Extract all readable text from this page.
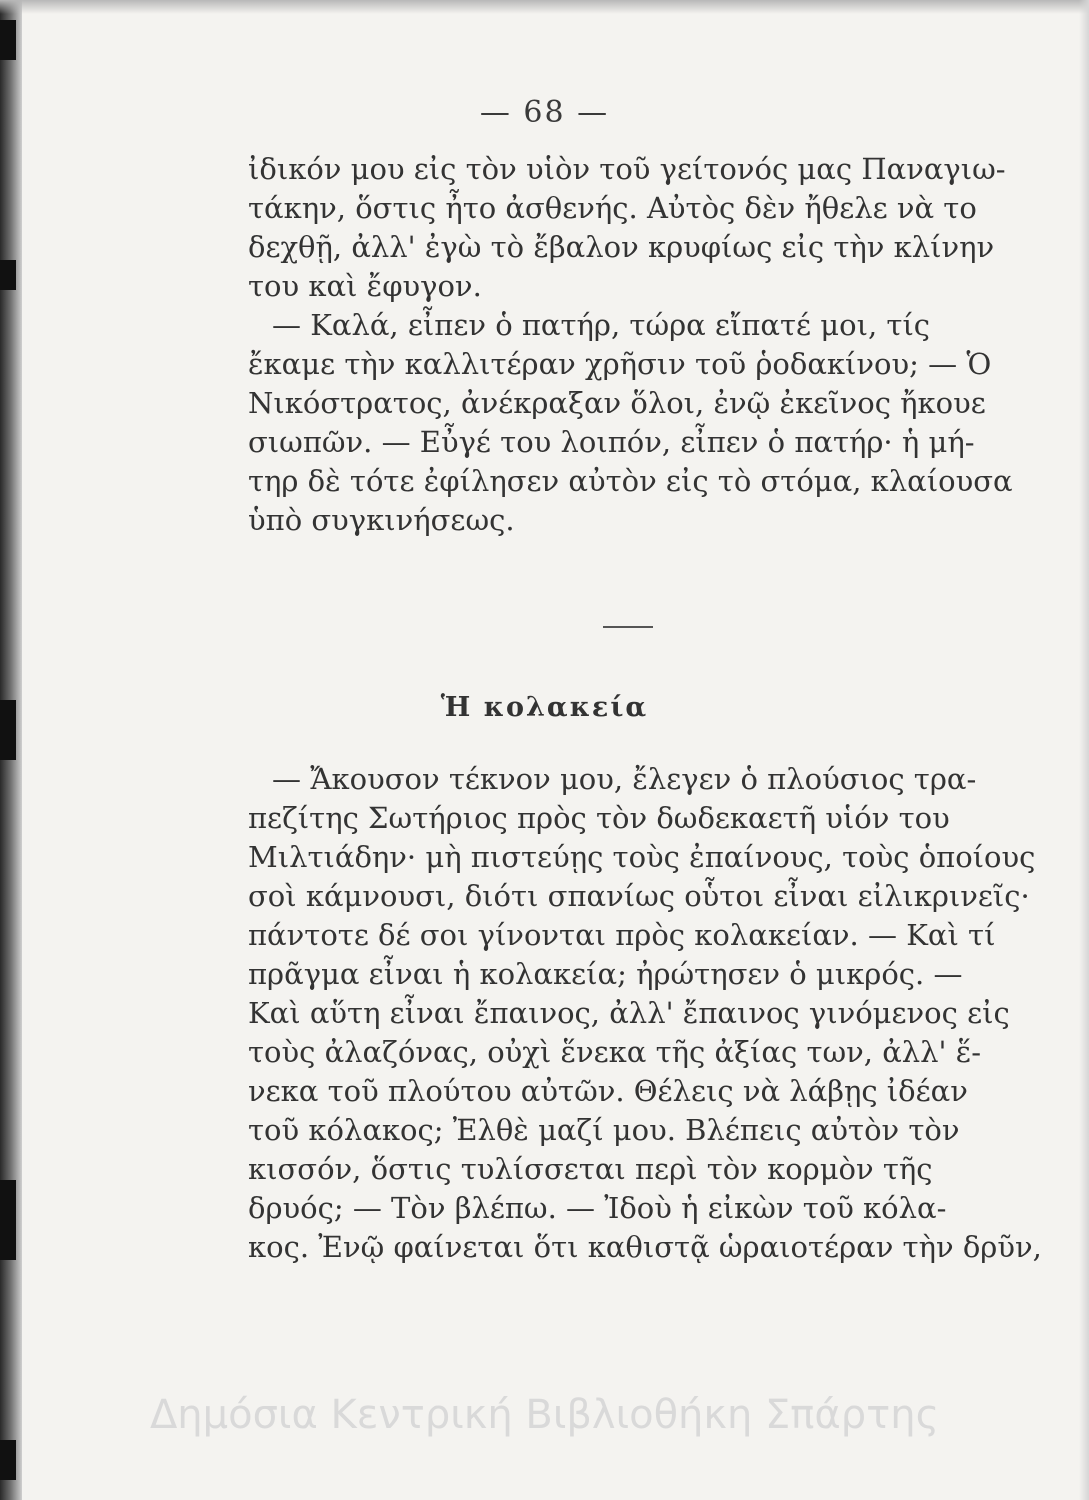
— 68 —
ἰδικόν μου εἰς τὸν υἱὸν τοῦ γείτονός μας Παναγιω-
τάκην, ὅστις ἦτο ἀσθενής. Αὐτὸς δὲν ἤθελε νὰ το
δεχθῇ, ἀλλ' ἐγὼ τὸ ἔβαλον κρυφίως εἰς τὴν κλίνην
του καὶ ἔφυγον.
— Καλά, εἶπεν ὁ πατήρ, τώρα εἴπατέ μοι, τίς
ἔκαμε τὴν καλλιτέραν χρῆσιν τοῦ ῥοδακίνου; — Ὁ
Νικόστρατος, ἀνέκραξαν ὅλοι, ἐνῷ ἐκεῖνος ἤκουε
σιωπῶν. — Εὖγέ του λοιπόν, εἶπεν ὁ πατήρ· ἡ μή-
τηρ δὲ τότε ἐφίλησεν αὐτὸν εἰς τὸ στόμα, κλαίουσα
ὑπὸ συγκινήσεως.
Ἡ κολακεία
— Ἄκουσον τέκνον μου, ἔλεγεν ὁ πλούσιος τρα-
πεζίτης Σωτήριος πρὸς τὸν δωδεκαετῆ υἱόν του
Μιλτιάδην· μὴ πιστεύῃς τοὺς ἐπαίνους, τοὺς ὁποίους
σοὶ κάμνουσι, διότι σπανίως οὗτοι εἶναι εἰλικρινεῖς·
πάντοτε δέ σοι γίνονται πρὸς κολακείαν. — Καὶ τί
πρᾶγμα εἶναι ἡ κολακεία; ἠρώτησεν ὁ μικρός. —
Καὶ αὕτη εἶναι ἔπαινος, ἀλλ' ἔπαινος γινόμενος εἰς
τοὺς ἀλαζόνας, οὐχὶ ἕνεκα τῆς ἀξίας των, ἀλλ' ἕ-
νεκα τοῦ πλούτου αὐτῶν. Θέλεις νὰ λάβῃς ἰδέαν
τοῦ κόλακος; Ἐλθὲ μαζί μου. Βλέπεις αὐτὸν τὸν
κισσόν, ὅστις τυλίσσεται περὶ τὸν κορμὸν τῆς
δρυός; — Τὸν βλέπω. — Ἰδοὺ ἡ εἰκὼν τοῦ κόλα-
κος. Ἐνῷ φαίνεται ὅτι καθιστᾷ ὡραιοτέραν τὴν δρῦν,
Δημόσια Κεντρική Βιβλιοθήκη Σπάρτης
